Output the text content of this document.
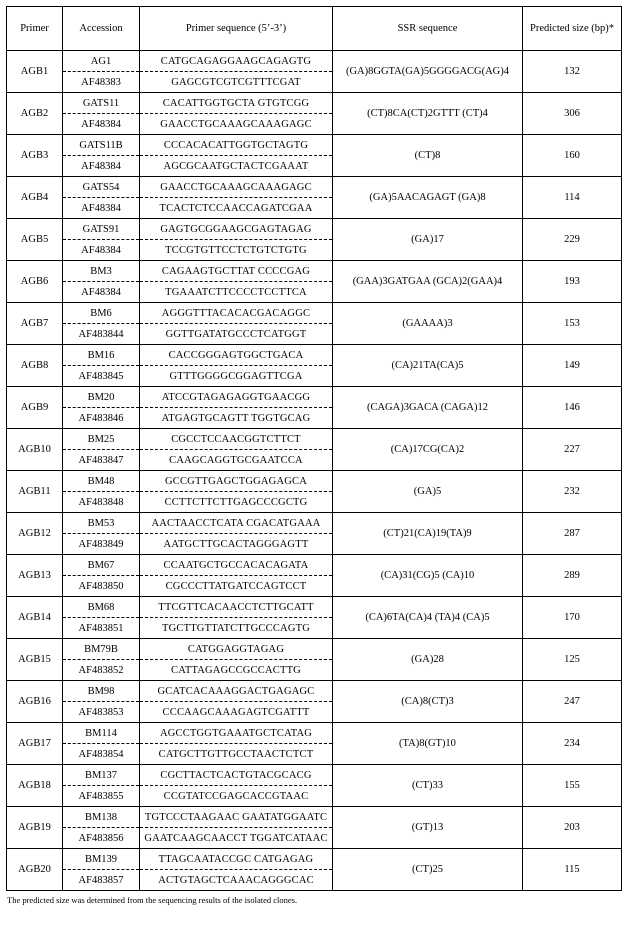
Primer	Accession	Primer sequence (5’-3’)	SSR sequence	Predicted size (bp)*
AGB1	AG1	CATGCAGAGGAAGCAGAGTG	(GA)8GGTA(GA)5GGGGACG(AG)4	132
	AF48383	GAGCGTCGTCGTTTCGAT		
AGB2	GATS11	CACATTGGTGCTA GTGTCGG	(CT)8CA(CT)2GTTT (CT)4	306
	AF48384	GAACCTGCAAAGCAAAGAGC		
AGB3	GATS11B	CCCACACATTGGTGCTAGTG	(CT)8	160
	AF48384	AGCGCAATGCTACTCGAAAT		
AGB4	GATS54	GAACCTGCAAAGCAAAGAGC	(GA)5AACAGAGT (GA)8	114
	AF48384	TCACTCTCCAACCAGATCGAA		
AGB5	GATS91	GAGTGCGGAAGCGAGTAGAG	(GA)17	229
	AF48384	TCCGTGTTCCTCTGTCTGTG		
AGB6	BM3	CAGAAGTGCTTAT CCCCGAG	(GAA)3GATGAA (GCA)2(GAA)4	193
	AF48384	TGAAATCTTCCCCTCCTTCA		
AGB7	BM6	AGGGTTTACACACGACAGGC	(GAAAA)3	153
	AF483844	GGTTGATATGCCCTCATGGT		
AGB8	BM16	CACCGGGAGTGGCTGACA	(CA)21TA(CA)5	149
	AF483845	GTTTGGGGCGGAGTTCGA		
AGB9	BM20	ATCCGTAGAGAGGTGAACGG	(CAGA)3GACA (CAGA)12	146
	AF483846	ATGAGTGCAGTT TGGTGCAG		
AGB10	BM25	CGCCTCCAACGGTCTTCT	(CA)17CG(CA)2	227
	AF483847	CAAGCAGGTGCGAATCCA		
AGB11	BM48	GCCGTTGAGCTGGAGAGCA	(GA)5	232
	AF483848	CCTTCTTCTTGAGCCCGCTG		
AGB12	BM53	AACTAACCTCATA CGACATGAAA	(CT)21(CA)19(TA)9	287
	AF483849	AATGCTTGCACTAGGGAGTT		
AGB13	BM67	CCAATGCTGCCACACAGATA	(CA)31(CG)5 (CA)10	289
	AF483850	CGCCCTTATGATCCAGTCCT		
AGB14	BM68	TTCGTTCACAACCTCTTGCATT	(CA)6TA(CA)4 (TA)4 (CA)5	170
	AF483851	TGCTTGTTATCTTGCCCAGTG		
AGB15	BM79B	CATGGAGGTAGAG	(GA)28	125
	AF483852	CATTAGAGCCGCCACTTG		
AGB16	BM98	GCATCACAAAGGACTGAGAGC	(CA)8(CT)3	247
	AF483853	CCCAAGCAAAGAGTCGATTT		
AGB17	BM114	AGCCTGGTGAAATGCTCATAG	(TA)8(GT)10	234
	AF483854	CATGCTTGTTGCCTAACTCTCT		
AGB18	BM137	CGCTTACTCACTGTACGCACG	(CT)33	155
	AF483855	CCGTATCCGAGCACCGTAAC		
AGB19	BM138	TGTCCCTAAGAAC GAATATGGAATC	(GT)13	203
	AF483856	GAATCAAGCAACCT TGGATCATAAC		
AGB20	BM139	TTAGCAATACCGC CATGAGAG	(CT)25	115
	AF483857	ACTGTAGCTCAAACAGGGCAC		
The predicted size was determined from the sequencing results of the isolated clones.
